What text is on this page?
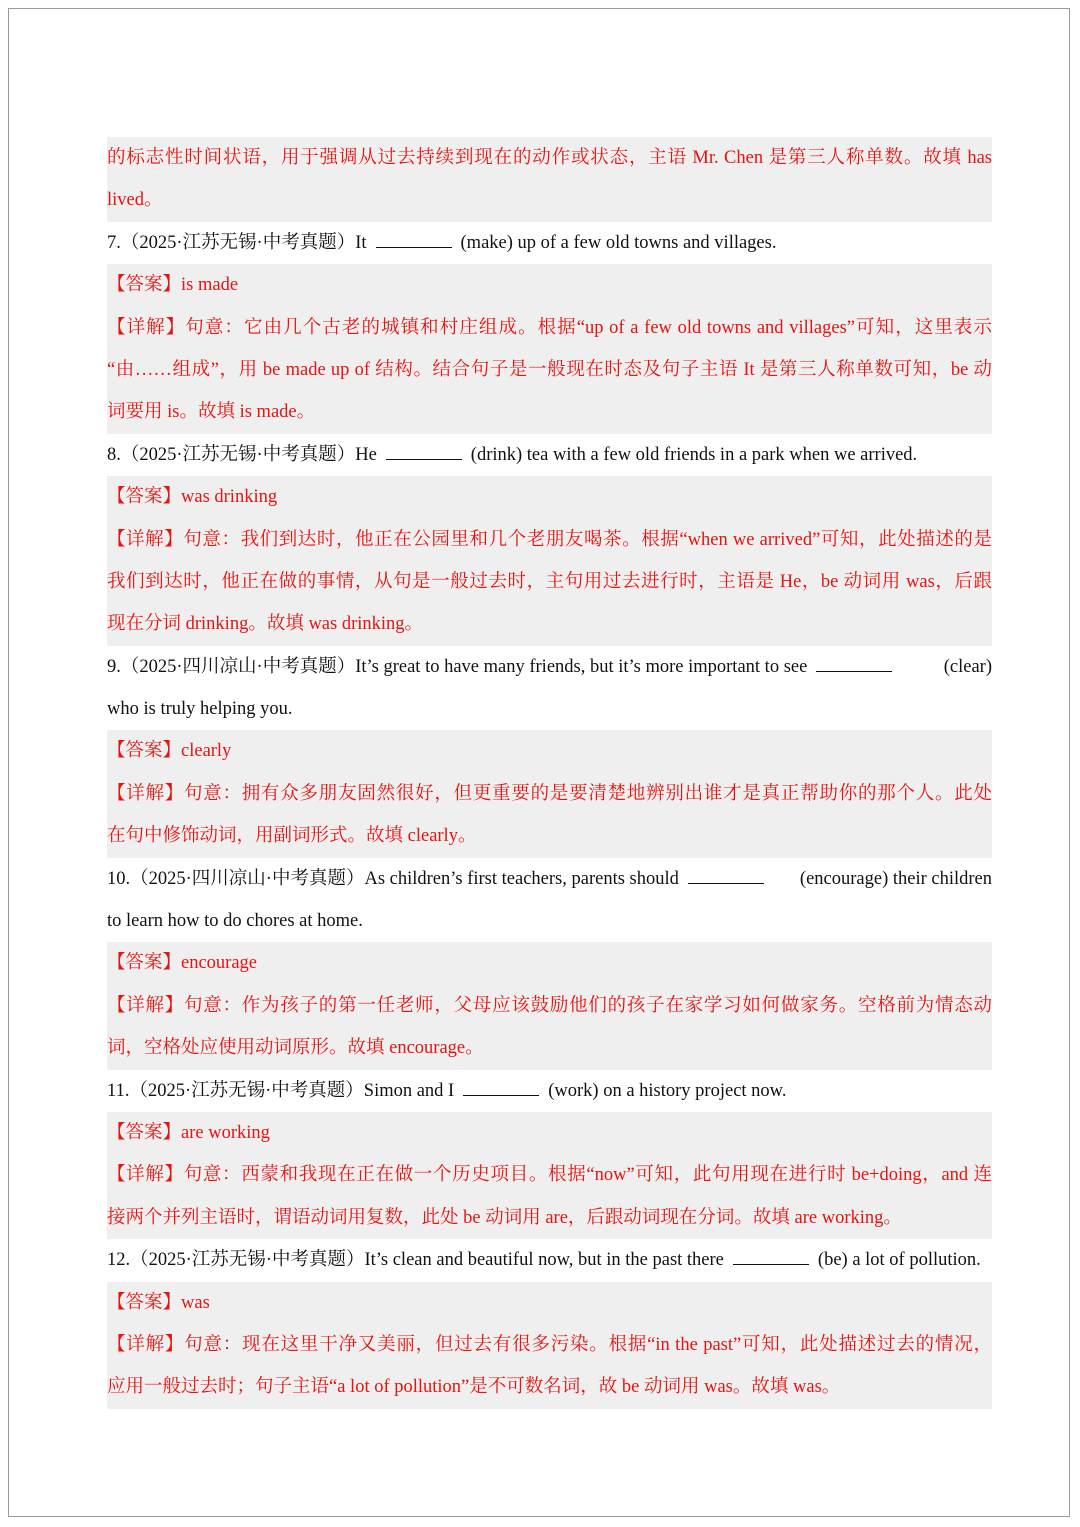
的标志性时间状语，用于强调从过去持续到现在的动作或状态，主语 Mr. Chen 是第三人称单数。故填 has
lived。
7.（2025·江苏无锡·中考真题）It	(make) up of a few old towns and villages.
【答案】is made
【详解】句意：它由几个古老的城镇和村庄组成。根据“up of a few old towns and villages”可知，这里表示
“由……组成”，用 be made up of 结构。结合句子是一般现在时态及句子主语 It 是第三人称单数可知，be 动
词要用 is。故填 is made。
8.（2025·江苏无锡·中考真题）He	(drink) tea with a few old friends in a park when we arrived.
【答案】was drinking
【详解】句意：我们到达时，他正在公园里和几个老朋友喝茶。根据“when we arrived”可知，此处描述的是
我们到达时，他正在做的事情，从句是一般过去时，主句用过去进行时，主语是 He，be 动词用 was，后跟
现在分词 drinking。故填 was drinking。
9.（2025·四川凉山·中考真题）It’s great to have many friends, but it’s more important to see	(clear)
who is truly helping you.
【答案】clearly
【详解】句意：拥有众多朋友固然很好，但更重要的是要清楚地辨别出谁才是真正帮助你的那个人。此处
在句中修饰动词，用副词形式。故填 clearly。
10.（2025·四川凉山·中考真题）As children’s first teachers, parents should	(encourage) their children
to learn how to do chores at home.
【答案】encourage
【详解】句意：作为孩子的第一任老师，父母应该鼓励他们的孩子在家学习如何做家务。空格前为情态动
词，空格处应使用动词原形。故填 encourage。
11.（2025·江苏无锡·中考真题）Simon and I	(work) on a history project now.
【答案】are working
【详解】句意：西蒙和我现在正在做一个历史项目。根据“now”可知，此句用现在进行时 be+doing，and 连
接两个并列主语时，谓语动词用复数，此处 be 动词用 are，后跟动词现在分词。故填 are working。
12.（2025·江苏无锡·中考真题）It’s clean and beautiful now, but in the past there	(be) a lot of pollution.
【答案】was
【详解】句意：现在这里干净又美丽，但过去有很多污染。根据“in the past”可知，此处描述过去的情况，
应用一般过去时；句子主语“a lot of pollution”是不可数名词，故 be 动词用 was。故填 was。
